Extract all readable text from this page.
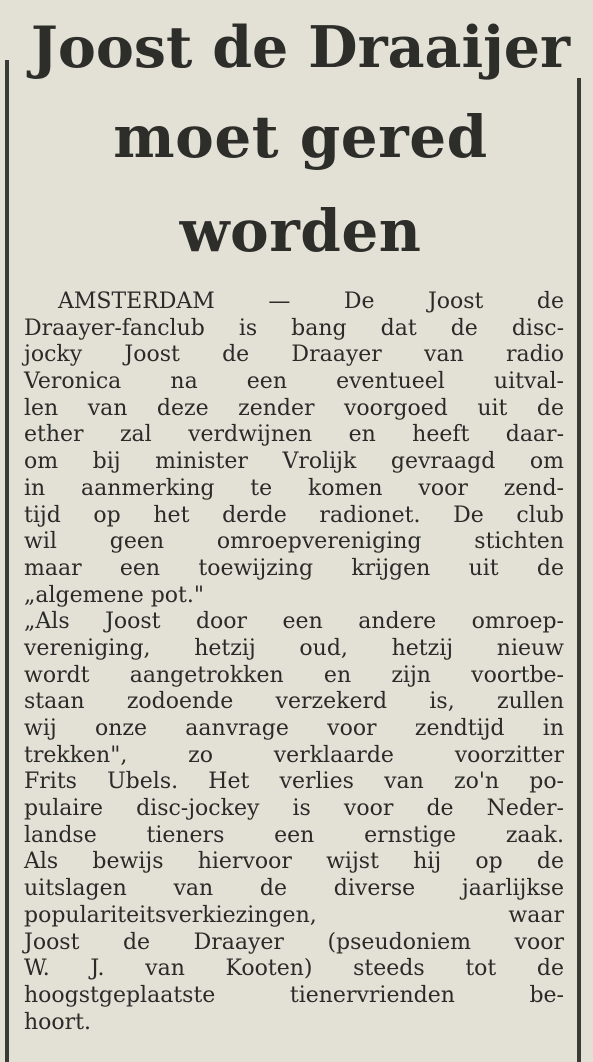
Joost de Draaijer
moet gered
worden
AMSTERDAM — De Joost de
Draayer-fanclub is bang dat de disc-
jocky Joost de Draayer van radio
Veronica na een eventueel uitval-
len van deze zender voorgoed uit de
ether zal verdwijnen en heeft daar-
om bij minister Vrolijk gevraagd om
in aanmerking te komen voor zend-
tijd op het derde radionet. De club
wil geen omroepvereniging stichten
maar een toewijzing krijgen uit de
„algemene pot."
„Als Joost door een andere omroep-
vereniging, hetzij oud, hetzij nieuw
wordt aangetrokken en zijn voortbe-
staan zodoende verzekerd is, zullen
wij onze aanvrage voor zendtijd in
trekken", zo verklaarde voorzitter
Frits Ubels. Het verlies van zo'n po-
pulaire disc-jockey is voor de Neder-
landse tieners een ernstige zaak.
Als bewijs hiervoor wijst hij op de
uitslagen van de diverse jaarlijkse
populariteitsverkiezingen, waar
Joost de Draayer (pseudoniem voor
W. J. van Kooten) steeds tot de
hoogstgeplaatste tienervrienden be-
hoort.
